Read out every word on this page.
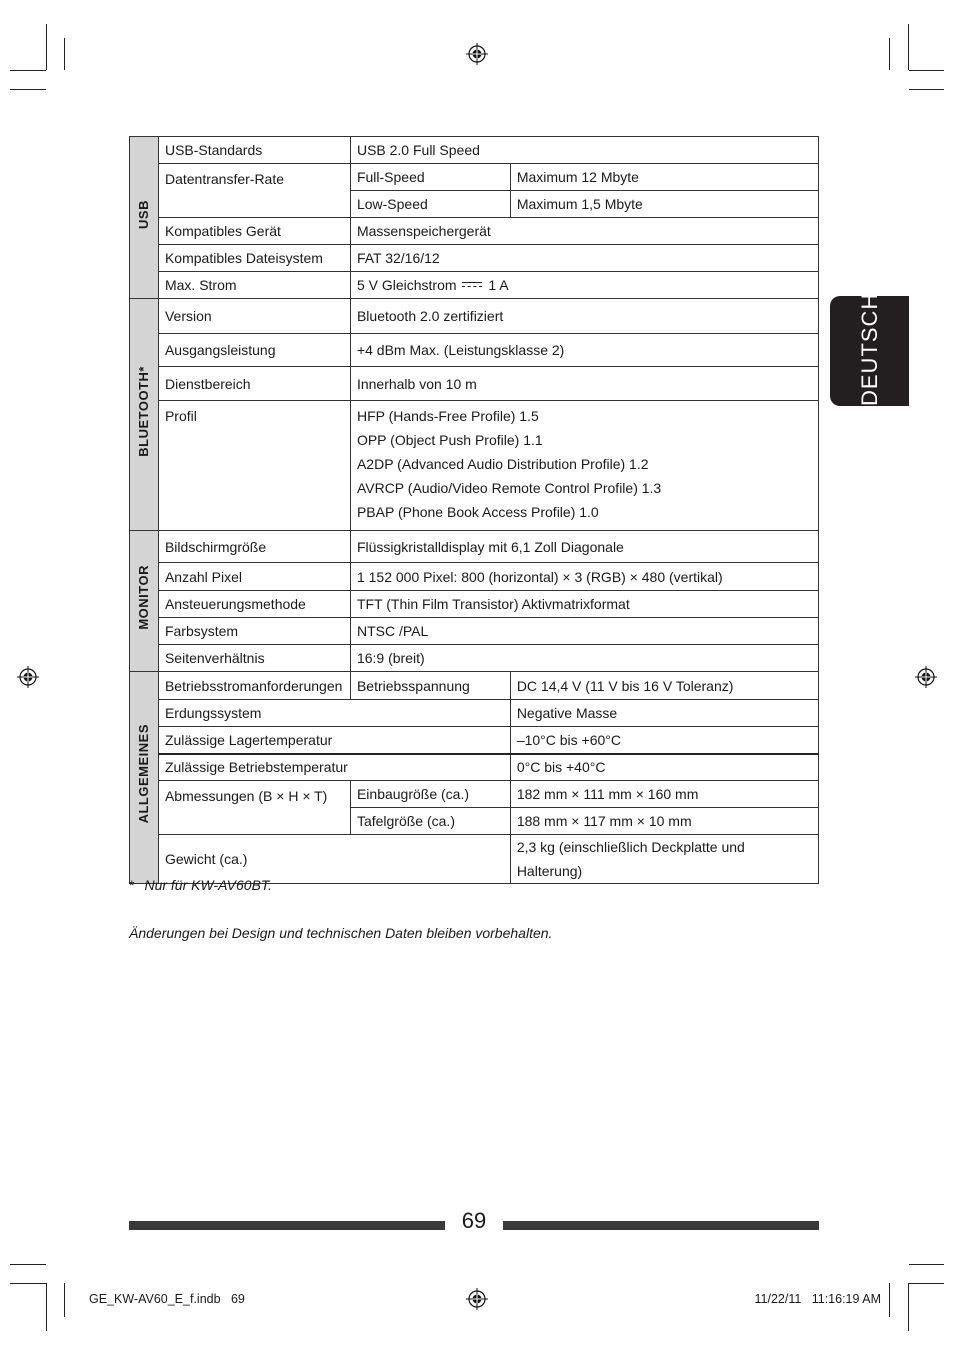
DEUTSCH
USB	USB-Standards	USB 2.0 Full Speed	
	Datentransfer-Rate	Full-Speed	Maximum 12 Mbyte
		Low-Speed	Maximum 1,5 Mbyte
	Kompatibles Gerät	Massenspeichergerät	
	Kompatibles Dateisystem	FAT 32/16/12	
	Max. Strom	5 V Gleichstrom 1 A	
BLUETOOTH*	Version	Bluetooth 2.0 zertifiziert	
	Ausgangsleistung	+4 dBm Max. (Leistungsklasse 2)	
	Dienstbereich	Innerhalb von 10 m	
	Profil	HFP (Hands-Free Profile) 1.5
OPP (Object Push Profile) 1.1
A2DP (Advanced Audio Distribution Profile) 1.2
AVRCP (Audio/Video Remote Control Profile) 1.3
PBAP (Phone Book Access Profile) 1.0	

MONITOR	Bildschirmgröße	Flüssigkristalldisplay mit 6,1 Zoll Diagonale	
	Anzahl Pixel	1 152 000 Pixel: 800 (horizontal) × 3 (RGB) × 480 (vertikal)	
	Ansteuerungsmethode	TFT (Thin Film Transistor) Aktivmatrixformat	
	Farbsystem	NTSC /PAL	
	Seitenverhältnis	16:9 (breit)	
ALLGEMEINES	Betriebsstromanforderungen	Betriebsspannung	DC 14,4 V (11 V bis 16 V Toleranz)
	Erdungssystem		Negative Masse
	Zulässige Lagertemperatur		–10°C bis +60°C
	Zulässige Betriebstemperatur		0°C bis +40°C
	Abmessungen (B × H × T)	Einbaugröße (ca.)	182 mm × 111 mm × 160 mm
		Tafelgröße (ca.)	188 mm × 117 mm × 10 mm
	Gewicht (ca.)		2,3 kg (einschließlich Deckplatte und Halterung)
* Nur für KW-AV60BT.
Änderungen bei Design und technischen Daten bleiben vorbehalten.
69
GE_KW-AV60_E_f.indb   69	11/22/11   11:16:19 AM
